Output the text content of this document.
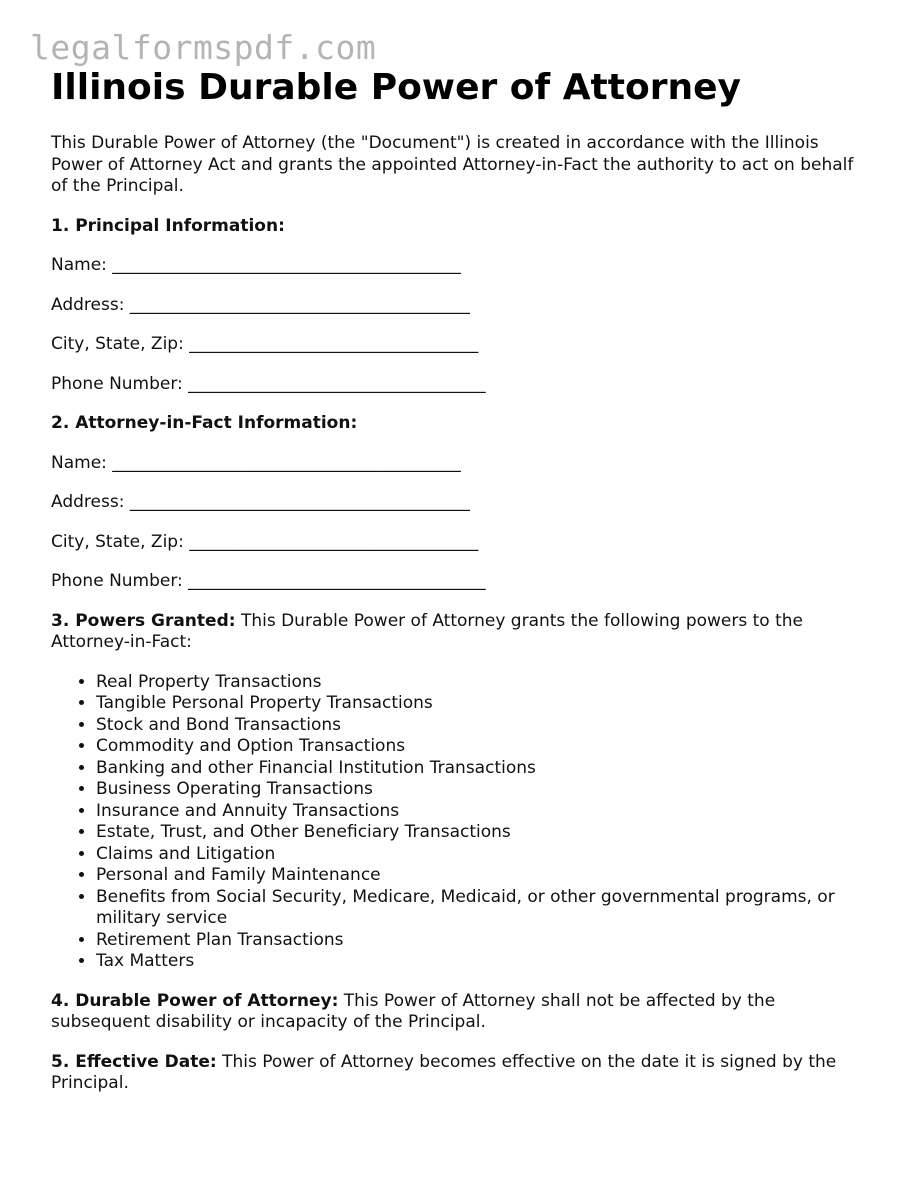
legalformspdf.com
Illinois Durable Power of Attorney

This Durable Power of Attorney (the "Document") is created in accordance with the Illinois Power of Attorney Act and grants the appointed Attorney-in-Fact the authority to act on behalf of the Principal.

1. Principal Information:

Name: _________________________________________

Address: ________________________________________

City, State, Zip: __________________________________

Phone Number: ___________________________________

2. Attorney-in-Fact Information:

Name: _________________________________________

Address: ________________________________________

City, State, Zip: __________________________________

Phone Number: ___________________________________

3. Powers Granted: This Durable Power of Attorney grants the following powers to the Attorney-in-Fact:

• Real Property Transactions
• Tangible Personal Property Transactions
• Stock and Bond Transactions
• Commodity and Option Transactions
• Banking and other Financial Institution Transactions
• Business Operating Transactions
• Insurance and Annuity Transactions
• Estate, Trust, and Other Beneficiary Transactions
• Claims and Litigation
• Personal and Family Maintenance
• Benefits from Social Security, Medicare, Medicaid, or other governmental programs, or military service
• Retirement Plan Transactions
• Tax Matters

4. Durable Power of Attorney: This Power of Attorney shall not be affected by the subsequent disability or incapacity of the Principal.

5. Effective Date: This Power of Attorney becomes effective on the date it is signed by the Principal.
